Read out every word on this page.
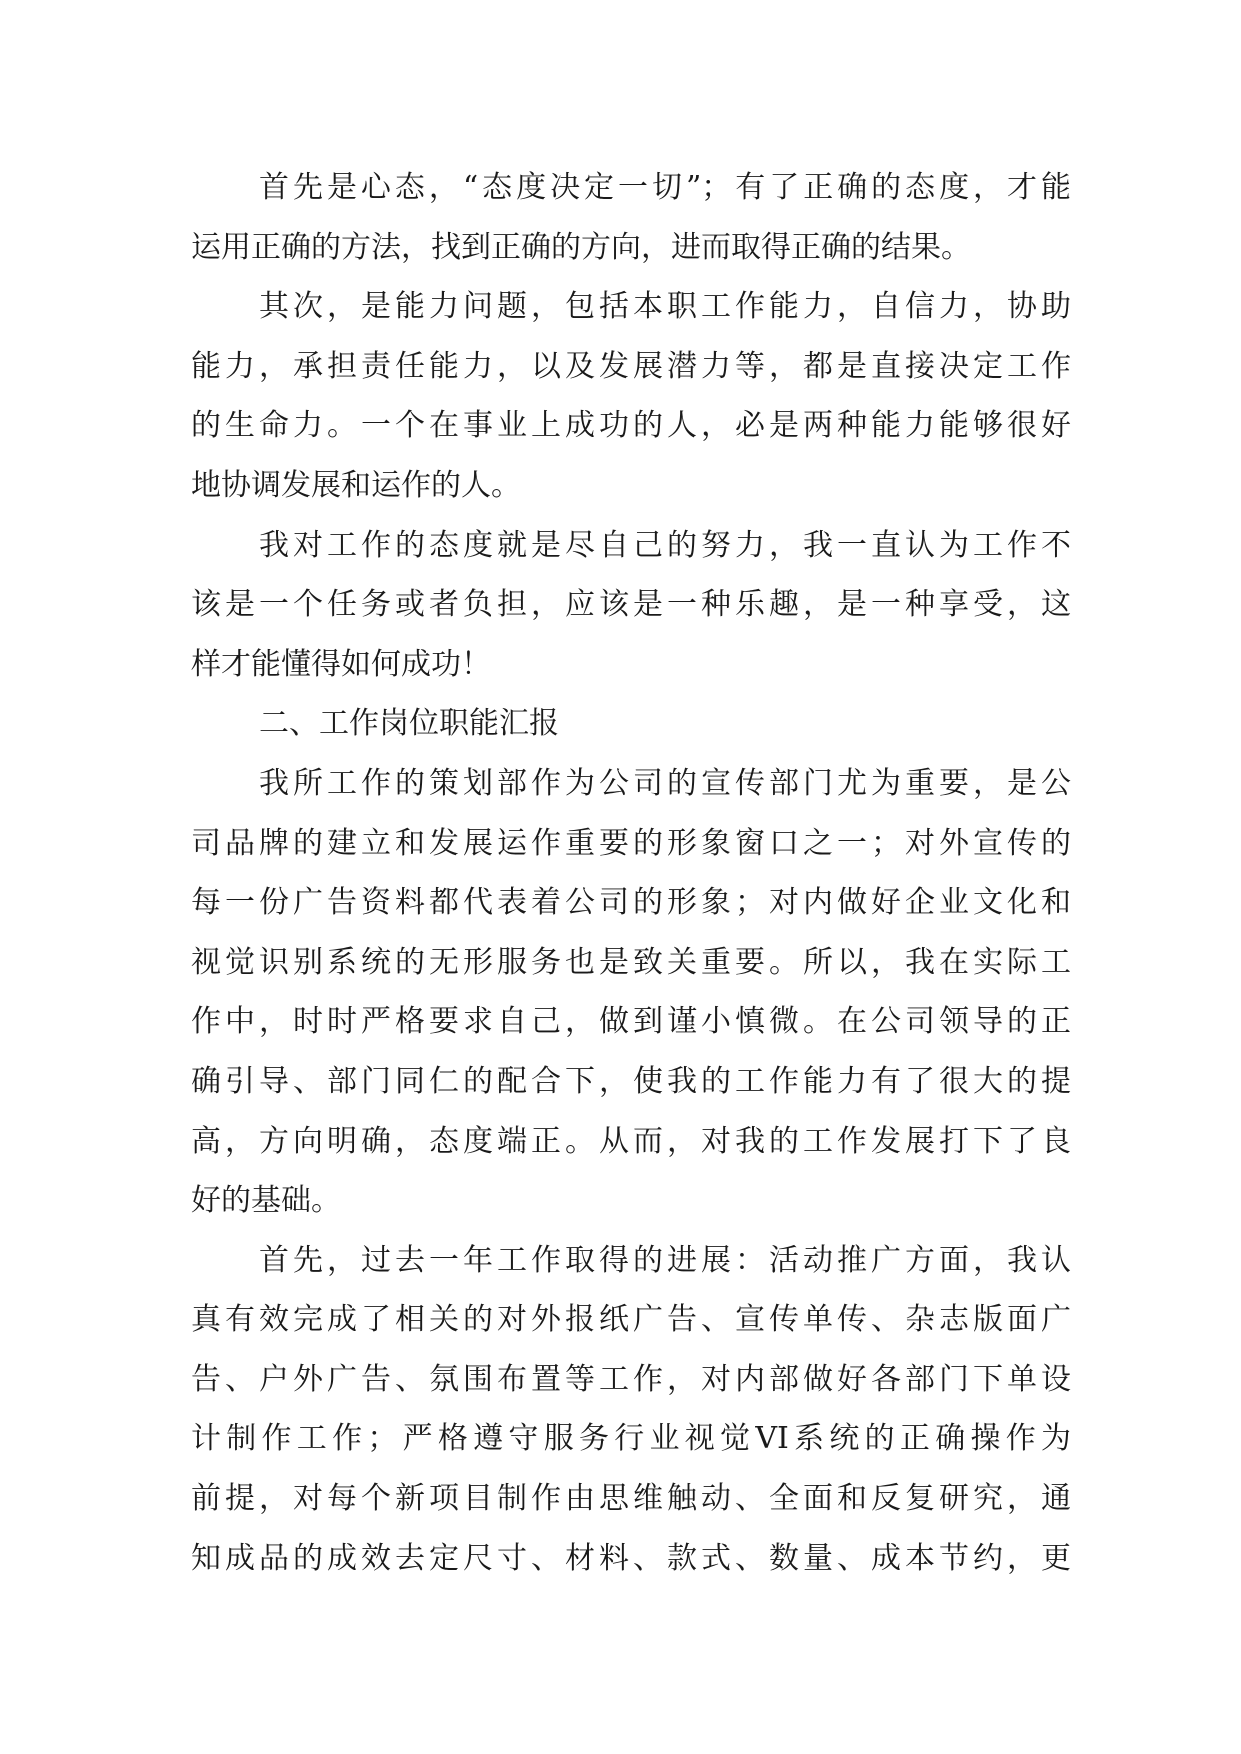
首先是心态，“态度决定一切”；有了正确的态度，才能
运用正确的方法，找到正确的方向，进而取得正确的结果。
其次，是能力问题，包括本职工作能力，自信力，协助
能力，承担责任能力，以及发展潜力等，都是直接决定工作
的生命力。一个在事业上成功的人，必是两种能力能够很好
地协调发展和运作的人。
我对工作的态度就是尽自己的努力，我一直认为工作不
该是一个任务或者负担，应该是一种乐趣，是一种享受，这
样才能懂得如何成功！
二、工作岗位职能汇报
我所工作的策划部作为公司的宣传部门尤为重要，是公
司品牌的建立和发展运作重要的形象窗口之一；对外宣传的
每一份广告资料都代表着公司的形象；对内做好企业文化和
视觉识别系统的无形服务也是致关重要。所以，我在实际工
作中，时时严格要求自己，做到谨小慎微。在公司领导的正
确引导、部门同仁的配合下，使我的工作能力有了很大的提
高，方向明确，态度端正。从而，对我的工作发展打下了良
好的基础。
首先，过去一年工作取得的进展：活动推广方面，我认
真有效完成了相关的对外报纸广告、宣传单传、杂志版面广
告、户外广告、氛围布置等工作，对内部做好各部门下单设
计制作工作；严格遵守服务行业视觉VI系统的正确操作为
前提，对每个新项目制作由思维触动、全面和反复研究，通
知成品的成效去定尺寸、材料、款式、数量、成本节约，更
